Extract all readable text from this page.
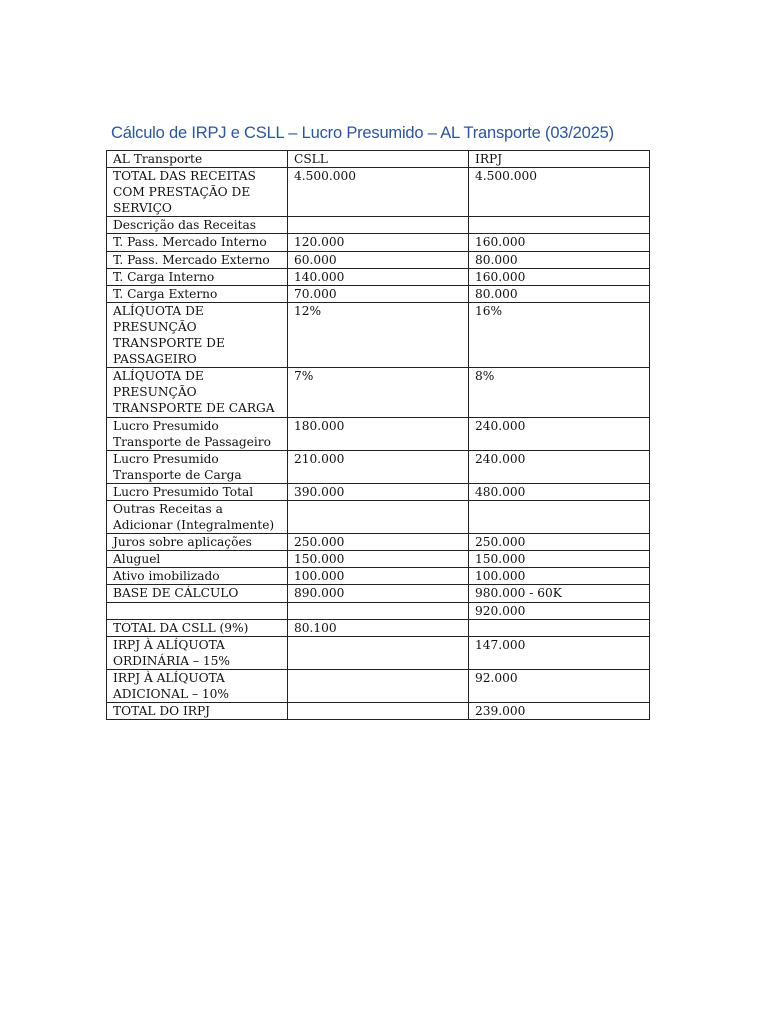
Cálculo de IRPJ e CSLL – Lucro Presumido – AL Transporte (03/2025)
AL Transporte	CSLL	IRPJ
TOTAL DAS RECEITAS COM PRESTAÇÃO DE SERVIÇO	4.500.000	4.500.000
Descrição das Receitas		
T. Pass. Mercado Interno	120.000	160.000
T. Pass. Mercado Externo	60.000	80.000
T. Carga Interno	140.000	160.000
T. Carga Externo	70.000	80.000
ALÍQUOTA DE PRESUNÇÃO TRANSPORTE DE PASSAGEIRO	12%	16%
ALÍQUOTA DE PRESUNÇÃO TRANSPORTE DE CARGA	7%	8%
Lucro Presumido Transporte de Passageiro	180.000	240.000
Lucro Presumido Transporte de Carga	210.000	240.000
Lucro Presumido Total	390.000	480.000
Outras Receitas a Adicionar (Integralmente)		
Juros sobre aplicações	250.000	250.000
Aluguel	150.000	150.000
Ativo imobilizado	100.000	100.000
BASE DE CÁLCULO	890.000	980.000 - 60K
		920.000
TOTAL DA CSLL (9%)	80.100	
IRPJ À ALÍQUOTA ORDINÁRIA – 15%		147.000
IRPJ À ALÍQUOTA ADICIONAL – 10%		92.000
TOTAL DO IRPJ		239.000
